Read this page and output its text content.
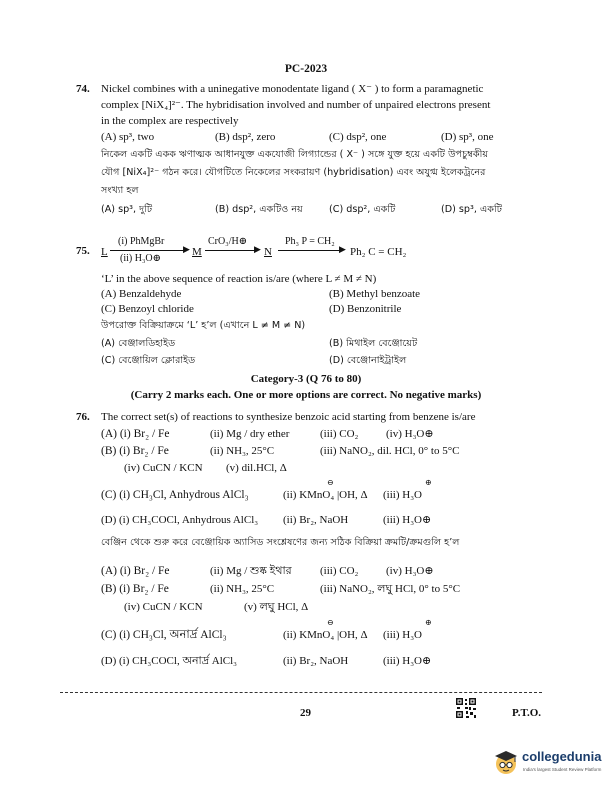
PC-2023
74. Nickel combines with a uninegative monodentate ligand ( X⁻ ) to form a paramagnetic
complex [NiX₄]²⁻. The hybridisation involved and number of unpaired electrons present
in the complex are respectively
(A) sp³, two	(B) dsp², zero	(C) dsp², one	(D) sp³, one
নিকেল একটি একক ঋণাত্মক আধানযুক্ত একযোজী লিগ্যান্ডের ( X⁻ ) সঙ্গে যুক্ত হয়ে একটি উপচুম্বকীয়
যৌগ [NiX₄]²⁻ গঠন করে। যৌগটিতে নিকেলের সংকরায়ণ (hybridisation) এবং অযুগ্ম ইলেকট্রনের
সংখ্যা হল
(A) sp³, দুটি	(B) dsp², একটিও নয়	(C) dsp², একটি	(D) sp³, একটি
75. L
(i) PhMgBr
▶
(ii) H₃O⊕
M
CrO₃/H⊕
▶ N
Ph₃ P = CH₂
▶ Ph₂ C = CH₂
‘L’ in the above sequence of reaction is/are (where L ≠ M ≠ N)
(A) Benzaldehyde	(B) Methyl benzoate
(C) Benzoyl chloride	(D) Benzonitrile
উপরোক্ত বিক্রিয়াক্রমে ‘L’ হ’ল (এখানে L ≠ M ≠ N)
(A) বেঞ্জালডিহাইড	(B) মিথাইল বেঞ্জোয়েট
(C) বেঞ্জোয়িল ক্লোরাইড	(D) বেঞ্জোনাইট্রাইল
Category-3 (Q 76 to 80)
(Carry 2 marks each. One or more options are correct. No negative marks)
76. The correct set(s) of reactions to synthesize benzoic acid starting from benzene is/are
(A) (i) Br₂ / Fe	(ii) Mg / dry ether	(iii) CO₂	(iv) H₃O⊕
(B) (i) Br₂ / Fe	(ii) NH₃, 25°C	(iii) NaNO₂, dil. HCl, 0° to 5°C
(iv) CuCN / KCN (v) dil.HCl, Δ
(C) (i) CH₃Cl, Anhydrous AlCl₃	(ii) KMnO₄ |OH, Δ
⊖
(iii) H₃O
⊕
(D) (i) CH₃COCl, Anhydrous AlCl₃ (ii) Br₂, NaOH	(iii) H₃O⊕
বেঞ্জিন থেকে শুরু করে বেঞ্জোয়িক অ্যাসিড সংশ্লেষণের জন্য সঠিক বিক্রিয়া ক্রমটি/ক্রমগুলি হ’ল
(A) (i) Br₂ / Fe	(ii) Mg / শুষ্ক ইথার	(iii) CO₂	(iv) H₃O⊕
(B) (i) Br₂ / Fe	(ii) NH₃, 25°C	(iii) NaNO₂, লঘু HCl, 0° to 5°C
(iv) CuCN / KCN	(v) লঘু HCl, Δ
(C) (i) CH₃Cl, অনার্দ্র AlCl₃	(ii) KMnO₄ |OH, Δ
⊖
(iii) H₃O
⊕
(D) (i) CH₃COCl, অনার্দ্র AlCl₃	(ii) Br₂, NaOH	(iii) H₃O⊕
29	P.T.O.
collegedunia
India's largest Student Review Platform
